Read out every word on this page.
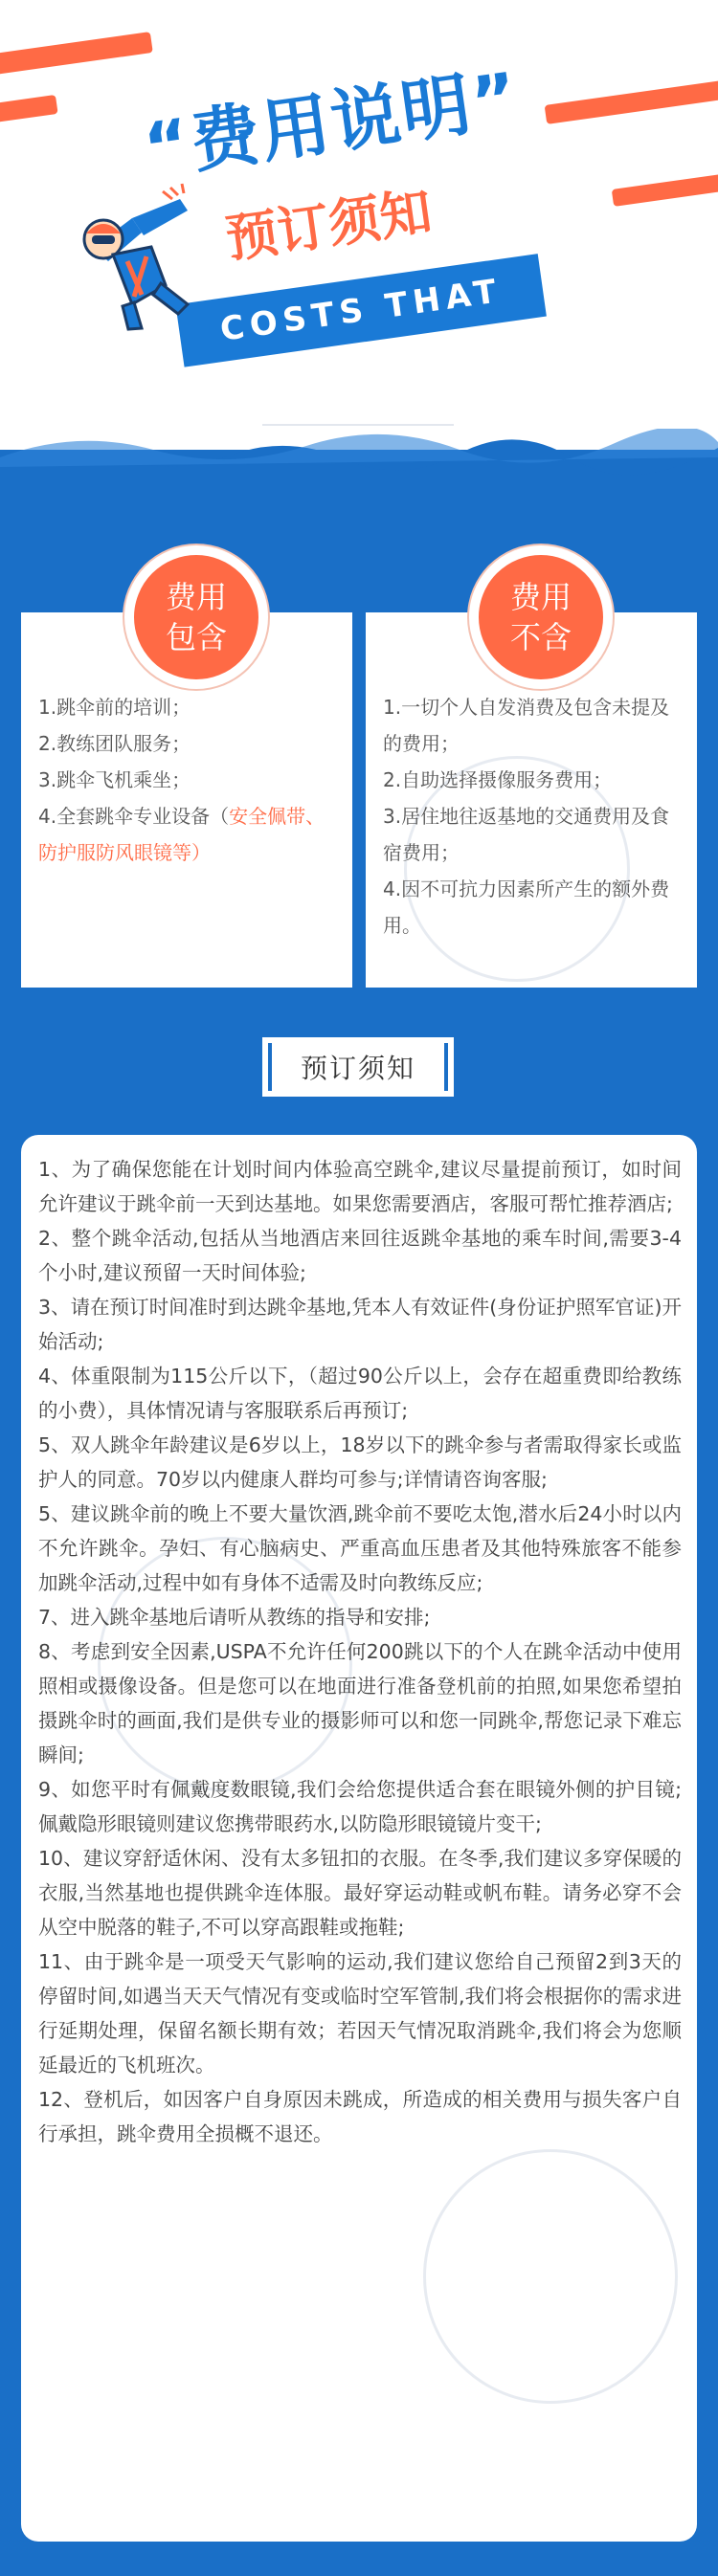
“费用说明”
预订须知
COSTS THAT
1.跳伞前的培训；
2.教练团队服务；
3.跳伞飞机乘坐；
4.全套跳伞专业设备（安全佩带、防护服防风眼镜等）
费用
包含
1.一切个人自发消费及包含未提及的费用；
2.自助选择摄像服务费用；
3.居住地往返基地的交通费用及食宿费用；
4.因不可抗力因素所产生的额外费用。
费用
不含
预订须知
1、为了确保您能在计划时间内体验高空跳伞,建议尽量提前预订，如时间允许建议于跳伞前一天到达基地。如果您需要酒店，客服可帮忙推荐酒店;
2、整个跳伞活动,包括从当地酒店来回往返跳伞基地的乘车时间,需要3-4个小时,建议预留一天时间体验;
3、请在预订时间准时到达跳伞基地,凭本人有效证件(身份证护照军官证)开始活动;
4、体重限制为115公斤以下，（超过90公斤以上，会存在超重费即给教练的小费），具体情况请与客服联系后再预订;
5、双人跳伞年龄建议是6岁以上，18岁以下的跳伞参与者需取得家长或监护人的同意。70岁以内健康人群均可参与;详情请咨询客服;
5、建议跳伞前的晚上不要大量饮酒,跳伞前不要吃太饱,潜水后24小时以内不允许跳伞。孕妇、有心脑病史、严重高血压患者及其他特殊旅客不能参加跳伞活动,过程中如有身体不适需及时向教练反应;
7、进入跳伞基地后请听从教练的指导和安排;
8、考虑到安全因素,USPA不允许任何200跳以下的个人在跳伞活动中使用照相或摄像设备。但是您可以在地面进行准备登机前的拍照,如果您希望拍摄跳伞时的画面,我们是供专业的摄影师可以和您一同跳伞,帮您记录下难忘瞬间;
9、如您平时有佩戴度数眼镜,我们会给您提供适合套在眼镜外侧的护目镜;佩戴隐形眼镜则建议您携带眼药水,以防隐形眼镜镜片变干;
10、建议穿舒适休闲、没有太多钮扣的衣服。在冬季,我们建议多穿保暖的衣服,当然基地也提供跳伞连体服。最好穿运动鞋或帆布鞋。请务必穿不会从空中脱落的鞋子,不可以穿高跟鞋或拖鞋;
11、由于跳伞是一项受天气影响的运动,我们建议您给自己预留2到3天的停留时间,如遇当天天气情况有变或临时空军管制,我们将会根据你的需求进行延期处理，保留名额长期有效；若因天气情况取消跳伞,我们将会为您顺延最近的飞机班次。
12、登机后，如因客户自身原因未跳成，所造成的相关费用与损失客户自行承担，跳伞费用全损概不退还。
